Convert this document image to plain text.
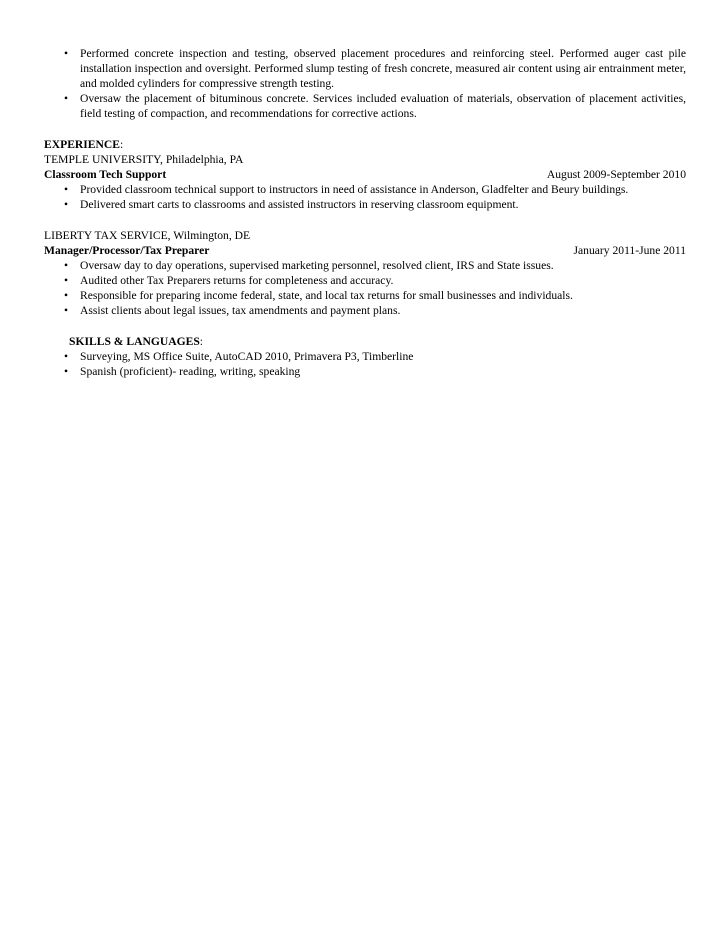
• Performed concrete inspection and testing, observed placement procedures and reinforcing steel. Performed auger cast pile installation inspection and oversight. Performed slump testing of fresh concrete, measured air content using air entrainment meter, and molded cylinders for compressive strength testing.
• Oversaw the placement of bituminous concrete. Services included evaluation of materials, observation of placement activities, field testing of compaction, and recommendations for corrective actions.
EXPERIENCE:
TEMPLE UNIVERSITY, Philadelphia, PA
Classroom Tech Support	August 2009-September 2010
• Provided classroom technical support to instructors in need of assistance in Anderson, Gladfelter and Beury buildings.
• Delivered smart carts to classrooms and assisted instructors in reserving classroom equipment.
LIBERTY TAX SERVICE, Wilmington, DE
Manager/Processor/Tax Preparer	January 2011-June 2011
• Oversaw day to day operations, supervised marketing personnel, resolved client, IRS and State issues.
• Audited other Tax Preparers returns for completeness and accuracy.
• Responsible for preparing income federal, state, and local tax returns for small businesses and individuals.
• Assist clients about legal issues, tax amendments and payment plans.
SKILLS & LANGUAGES:
• Surveying, MS Office Suite, AutoCAD 2010, Primavera P3, Timberline
• Spanish (proficient)- reading, writing, speaking
